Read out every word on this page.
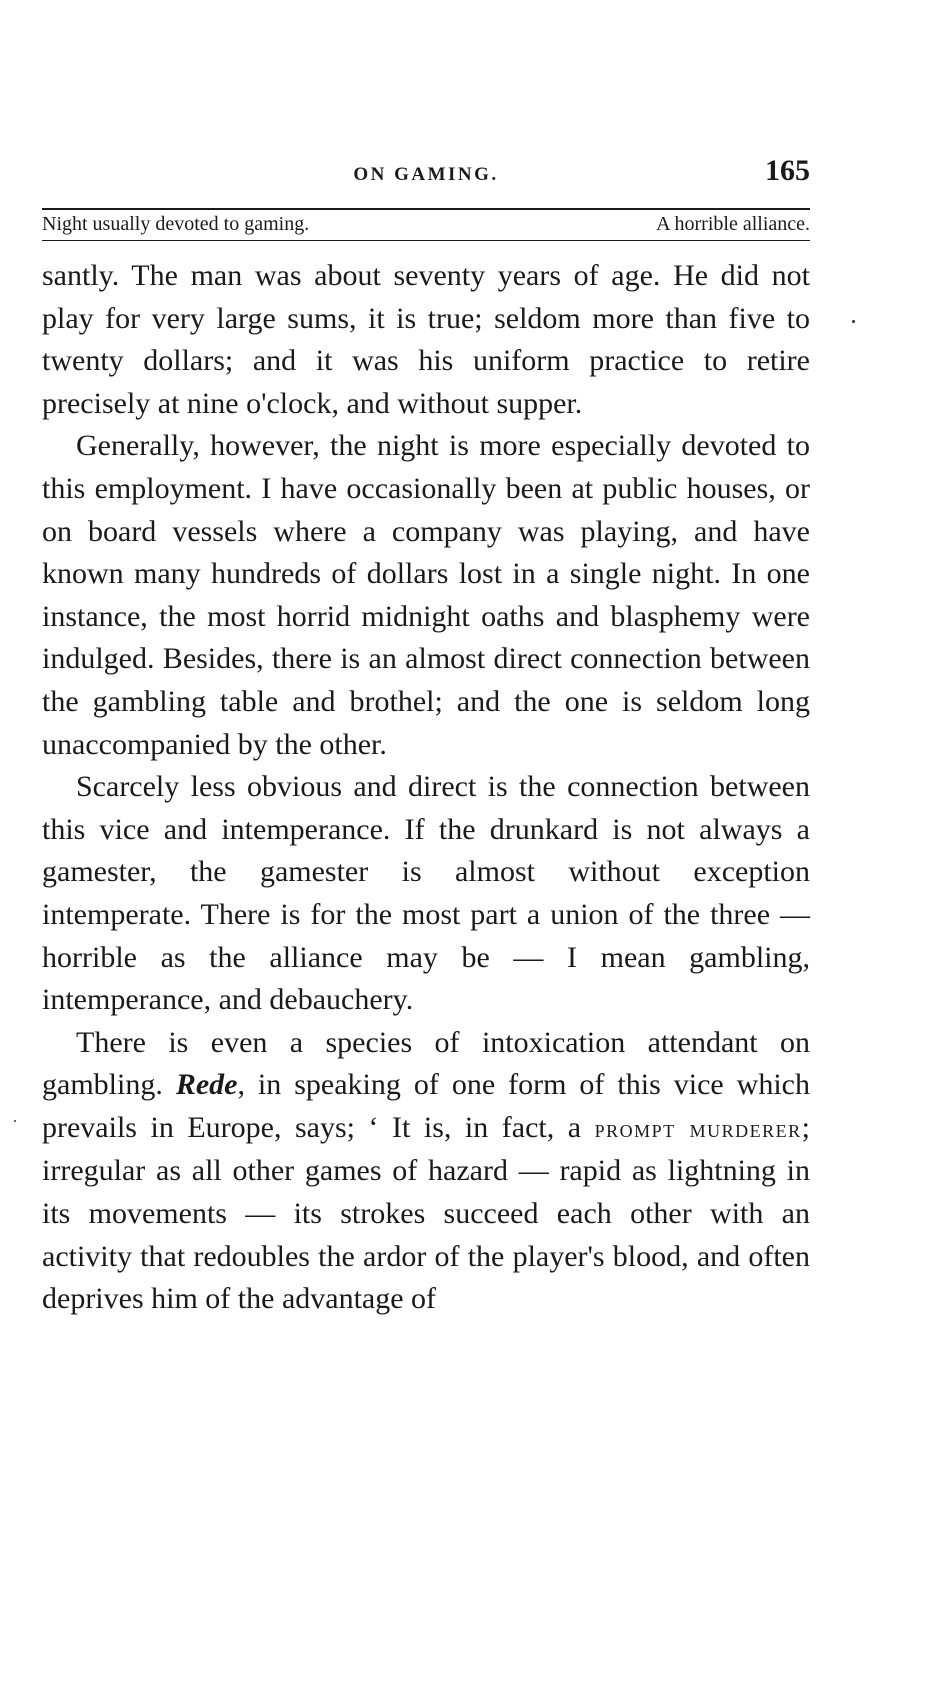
ON GAMING.	165
Night usually devoted to gaming.	A horrible alliance.

santly. The man was about seventy years of age. He did not play for very large sums, it is true; seldom more than five to twenty dollars; and it was his uniform practice to retire precisely at nine o'clock, and without supper.

Generally, however, the night is more especially devoted to this employment. I have occasionally been at public houses, or on board vessels where a company was playing, and have known many hundreds of dollars lost in a single night. In one instance, the most horrid midnight oaths and blasphemy were indulged. Besides, there is an almost direct connection between the gambling table and brothel; and the one is seldom long unaccompanied by the other.

Scarcely less obvious and direct is the connection between this vice and intemperance. If the drunkard is not always a gamester, the gamester is almost without exception intemperate. There is for the most part a union of the three — horrible as the alliance may be — I mean gambling, intemperance, and debauchery.

There is even a species of intoxication attendant on gambling. Rede, in speaking of one form of this vice which prevails in Europe, says; ‘ It is, in fact, a prompt murderer; irregular as all other games of hazard — rapid as lightning in its movements — its strokes succeed each other with an activity that redoubles the ardor of the player's blood, and often deprives him of the advantage of
